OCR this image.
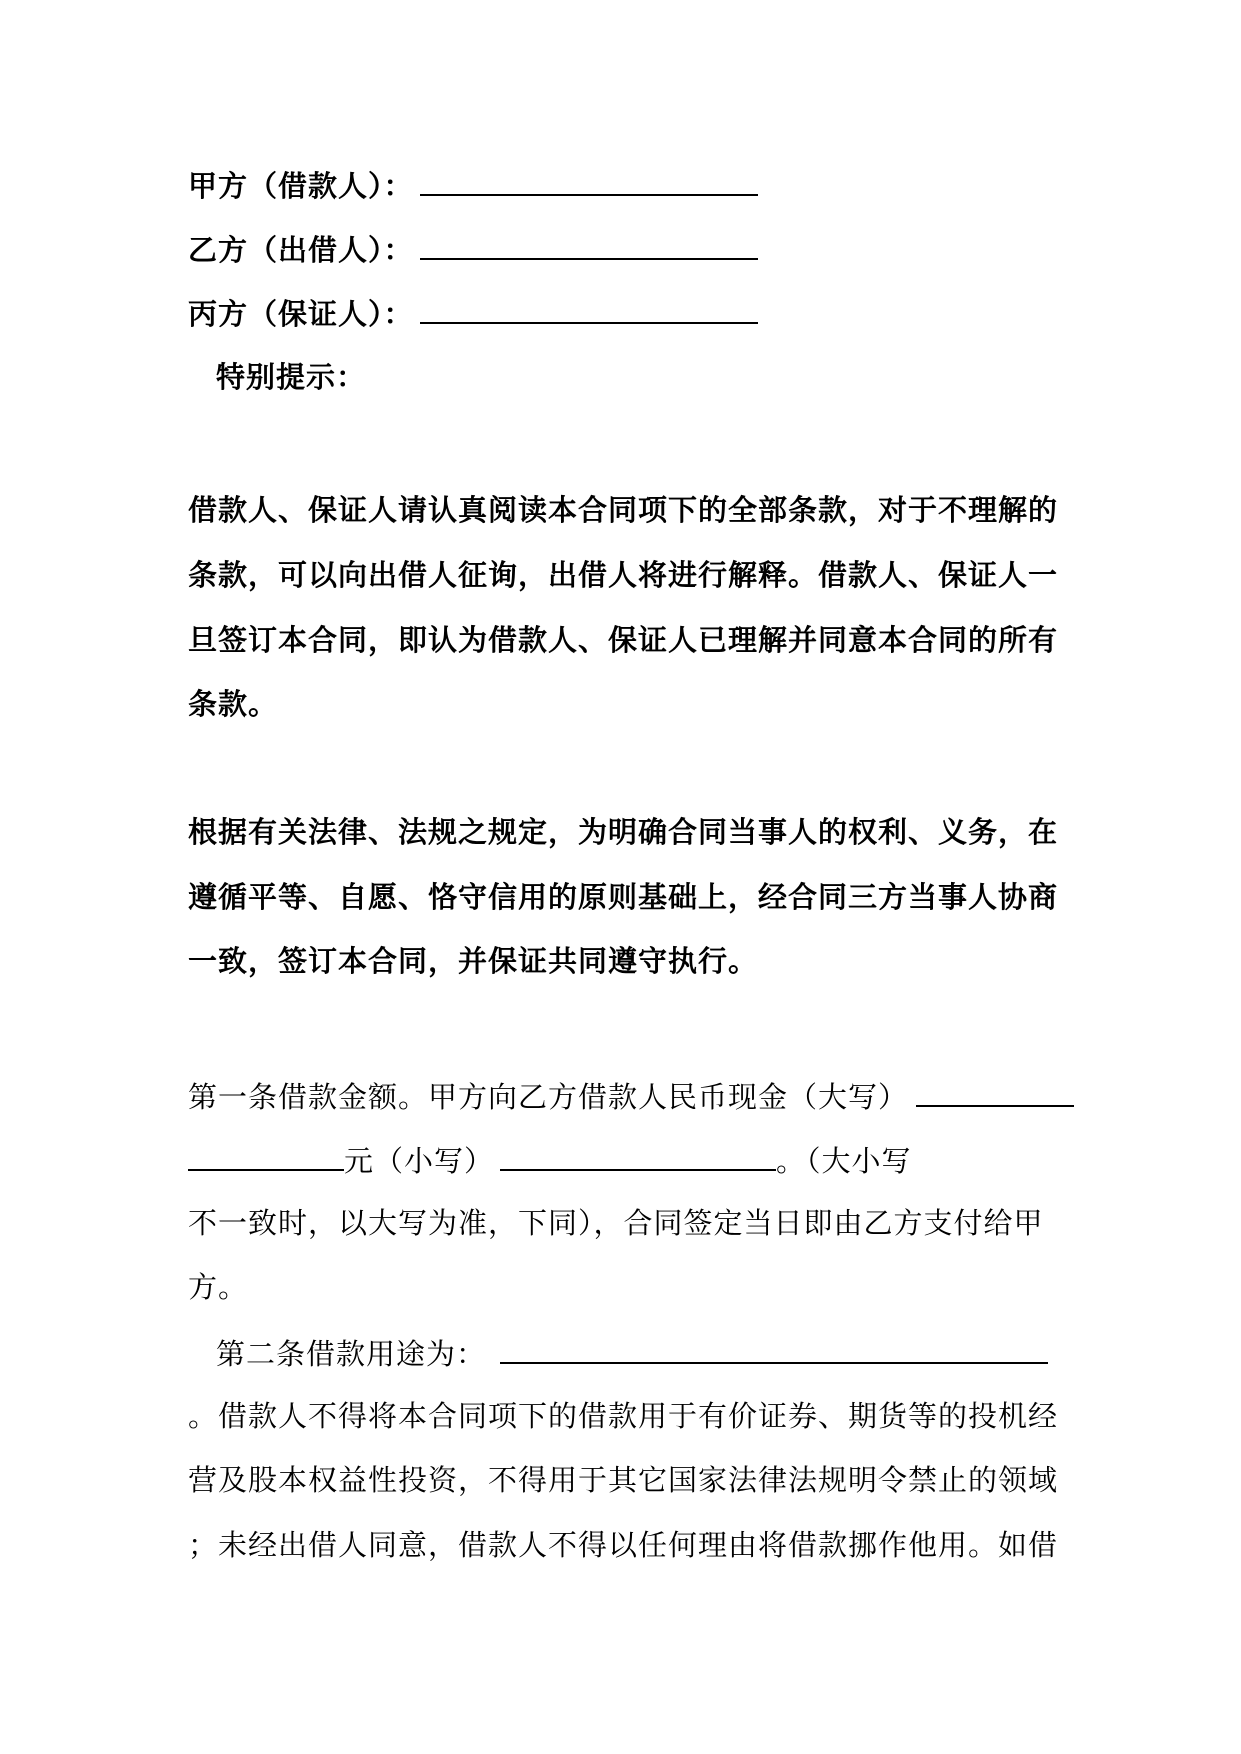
甲方（借款人）：
乙方（出借人）：
丙方（保证人）：
特别提示：
借款人、保证人请认真阅读本合同项下的全部条款，对于不理解的
条款，可以向出借人征询，出借人将进行解释。借款人、保证人一
旦签订本合同，即认为借款人、保证人已理解并同意本合同的所有
条款。
根据有关法律、法规之规定，为明确合同当事人的权利、义务，在
遵循平等、自愿、恪守信用的原则基础上，经合同三方当事人协商
一致，签订本合同，并保证共同遵守执行。
第一条借款金额。甲方向乙方借款人民币现金（大写）
元（小写）	。（大小写
不一致时，以大写为准，下同），合同签定当日即由乙方支付给甲
方。
第二条借款用途为：
。借款人不得将本合同项下的借款用于有价证券、期货等的投机经
营及股本权益性投资，不得用于其它国家法律法规明令禁止的领域
；未经出借人同意，借款人不得以任何理由将借款挪作他用。如借
